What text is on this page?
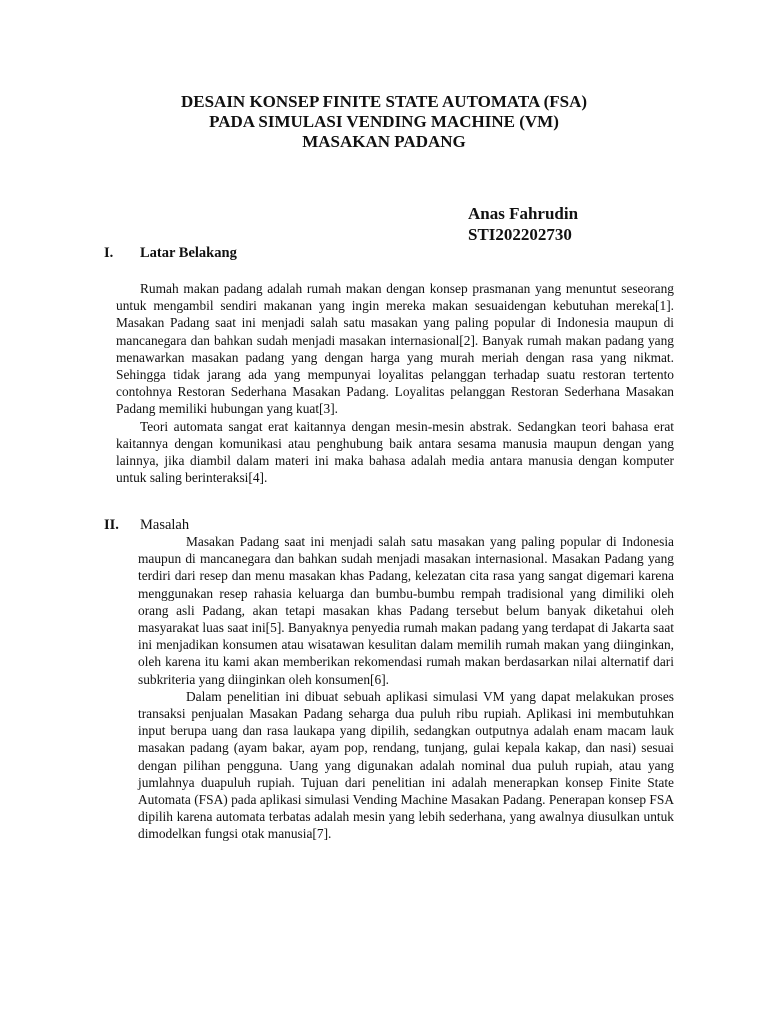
DESAIN KONSEP FINITE STATE AUTOMATA (FSA)
PADA SIMULASI VENDING MACHINE (VM)
MASAKAN PADANG
Anas Fahrudin
STI202202730
I. Latar Belakang

Rumah makan padang adalah rumah makan dengan konsep prasmanan yang menuntut seseorang untuk mengambil sendiri makanan yang ingin mereka makan sesuaidengan kebutuhan mereka[1]. Masakan Padang saat ini menjadi salah satu masakan yang paling popular di Indonesia maupun di mancanegara dan bahkan sudah menjadi masakan internasional[2]. Banyak rumah makan padang yang menawarkan masakan padang yang dengan harga yang murah meriah dengan rasa yang nikmat. Sehingga tidak jarang ada yang mempunyai loyalitas pelanggan terhadap suatu restoran tertento contohnya Restoran Sederhana Masakan Padang. Loyalitas pelanggan Restoran Sederhana Masakan Padang memiliki hubungan yang kuat[3].

Teori automata sangat erat kaitannya dengan mesin-mesin abstrak. Sedangkan teori bahasa erat kaitannya dengan komunikasi atau penghubung baik antara sesama manusia maupun dengan yang lainnya, jika diambil dalam materi ini maka bahasa adalah media antara manusia dengan komputer untuk saling berinteraksi[4].

II. Masalah

Masakan Padang saat ini menjadi salah satu masakan yang paling popular di Indonesia maupun di mancanegara dan bahkan sudah menjadi masakan internasional. Masakan Padang yang terdiri dari resep dan menu masakan khas Padang, kelezatan cita rasa yang sangat digemari karena menggunakan resep rahasia keluarga dan bumbu-bumbu rempah tradisional yang dimiliki oleh orang asli Padang, akan tetapi masakan khas Padang tersebut belum banyak diketahui oleh masyarakat luas saat ini[5]. Banyaknya penyedia rumah makan padang yang terdapat di Jakarta saat ini menjadikan konsumen atau wisatawan kesulitan dalam memilih rumah makan yang diinginkan, oleh karena itu kami akan memberikan rekomendasi rumah makan berdasarkan nilai alternatif dari subkriteria yang diinginkan oleh konsumen[6].

Dalam penelitian ini dibuat sebuah aplikasi simulasi VM yang dapat melakukan proses transaksi penjualan Masakan Padang seharga dua puluh ribu rupiah. Aplikasi ini membutuhkan input berupa uang dan rasa laukapa yang dipilih, sedangkan outputnya adalah enam macam lauk masakan padang (ayam bakar, ayam pop, rendang, tunjang, gulai kepala kakap, dan nasi) sesuai dengan pilihan pengguna. Uang yang digunakan adalah nominal dua puluh rupiah, atau yang jumlahnya duapuluh rupiah. Tujuan dari penelitian ini adalah menerapkan konsep Finite State Automata (FSA) pada aplikasi simulasi Vending Machine Masakan Padang. Penerapan konsep FSA dipilih karena automata terbatas adalah mesin yang lebih sederhana, yang awalnya diusulkan untuk dimodelkan fungsi otak manusia[7].
